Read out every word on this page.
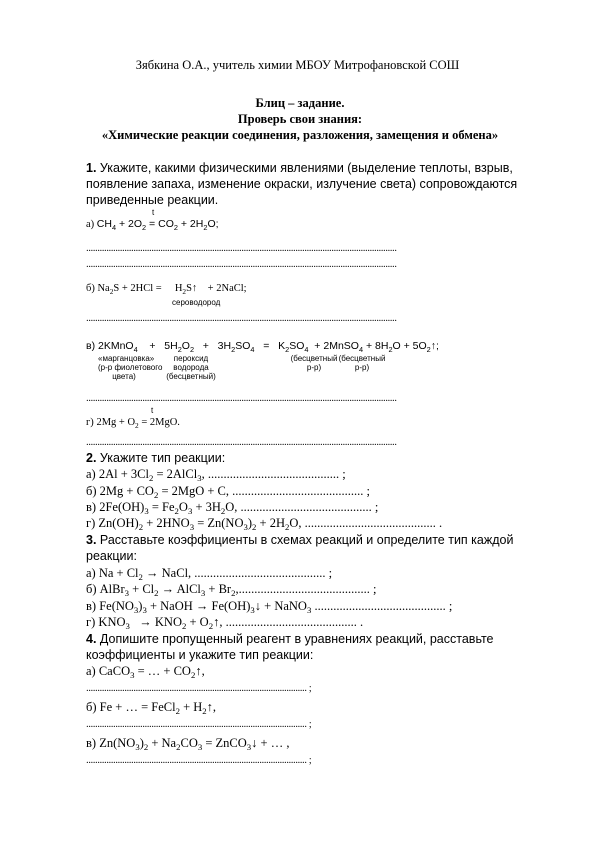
Зябкина О.А., учитель химии МБОУ Митрофановской СОШ
Блиц – задание.
Проверь свои знания:
«Химические реакции соединения, разложения, замещения и обмена»
1. Укажите, какими физическими явлениями (выделение теплоты, взрыв, появление запаха, изменение окраски, излучение света) сопровождаются приведенные реакции.
а) $CH_4 + 2O_2 = CO_2 + 2H_2O$;
t
..........................................................................................................................................
..........................................................................................................................................
б) $Na_2S + 2HCl$ =     $H_2S↑$    + 2NaCl;
сероводород
..........................................................................................................................................
в) 2KMnO$_4$    +   $5H_2O_2 + 3H_2SO_4 = K_2SO_4$  + 2MnSO$_4$ + $8H_2O$ + $5O_2↑$;
«марганцовка»
(р-р фиолетового
цвета)
пероксид
водорода
(бесцветный)
(бесцветный
р-р)
(бесцветный
р-р)
..........................................................................................................................................
г) $2Mg + O_2 = 2MgO$.
t
..........................................................................................................................................
2. Укажите тип реакции:
а) $2Al + 3Cl_2$ = 2AlCl$_3$, .......................................... ;
б) $2Mg + CO_2 = 2MgO + C$, .......................................... ;
в) $2Fe(OH)_3 = Fe_2O_3 + 3H_2O$, .......................................... ;
г) $Zn(OH)_2 + 2HNO_3 = Zn(NO_3)_2 + 2H_2O$, .......................................... .
3. Расставьте коэффициенты в схемах реакций и определите тип каждой реакции:
а) $Na + Cl_2$ → NaCl, .......................................... ;
б) AlBr$_3$ + $Cl_2$ → AlCl$_3$ + $Br_2$,.......................................... ;
в) $Fe(NO_3)_3$ + NaOH → $Fe(OH)_3↓$ + NaNO$_3$ .......................................... ;
г) $KNO_3 \to KNO_2$ + $O_2↑$, .......................................... .
4. Допишите пропущенный реагент в уравнениях реакций, расставьте коэффициенты и укажите тип реакции:
а) CaCO$_3$ = … + $CO_2↑$,
.................................................................................................. ;
б) Fe + … = FeCl$_2$ + $H_2↑$,
.................................................................................................. ;
в) $Zn(NO_3)_2 + Na_2CO_3$ = ZnCO$_3$↓ + … ,
.................................................................................................. ;
